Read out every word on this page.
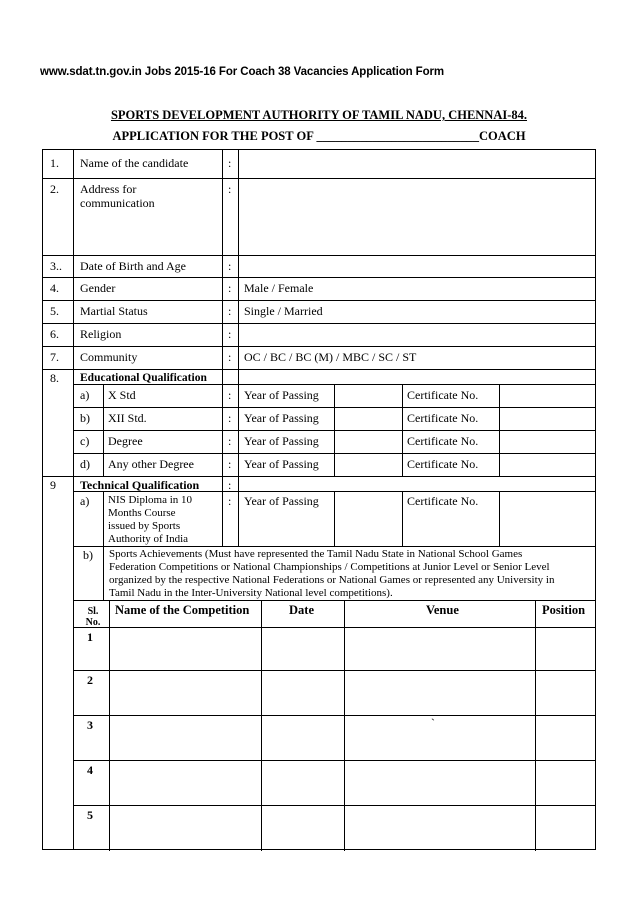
www.sdat.tn.gov.in Jobs 2015-16 For Coach 38 Vacancies Application Form
SPORTS DEVELOPMENT AUTHORITY OF TAMIL NADU, CHENNAI-84.
APPLICATION FOR THE POST OF __________________________COACH
1. Name of the candidate	:
2. Address for
communication
:
3.. Date of Birth and Age	:
4. Gender	: Male / Female
5. Martial Status	: Single / Married
6. Religion	:
7. Community	: OC / BC / BC (M) / MBC / SC / ST
8. Educational Qualification
a) X Std	: Year of Passing	Certificate No.
b) XII Std.	: Year of Passing	Certificate No.
c) Degree	: Year of Passing	Certificate No.
d) Any other Degree	: Year of Passing	Certificate No.
9 Technical Qualification :
a) NIS Diploma in 10
Months Course
issued by Sports
Authority of India
: Year of Passing	Certificate No.
b) Sports Achievements (Must have represented the Tamil Nadu State in National School Games
Federation Competitions or National Championships / Competitions at Junior Level or Senior Level
organized by the respective National Federations or National Games or represented any University in
Tamil Nadu in the Inter-University National level competitions).
Sl.
No.
Name of the Competition	Date	Venue	Position
1
2
3	`
4
5
